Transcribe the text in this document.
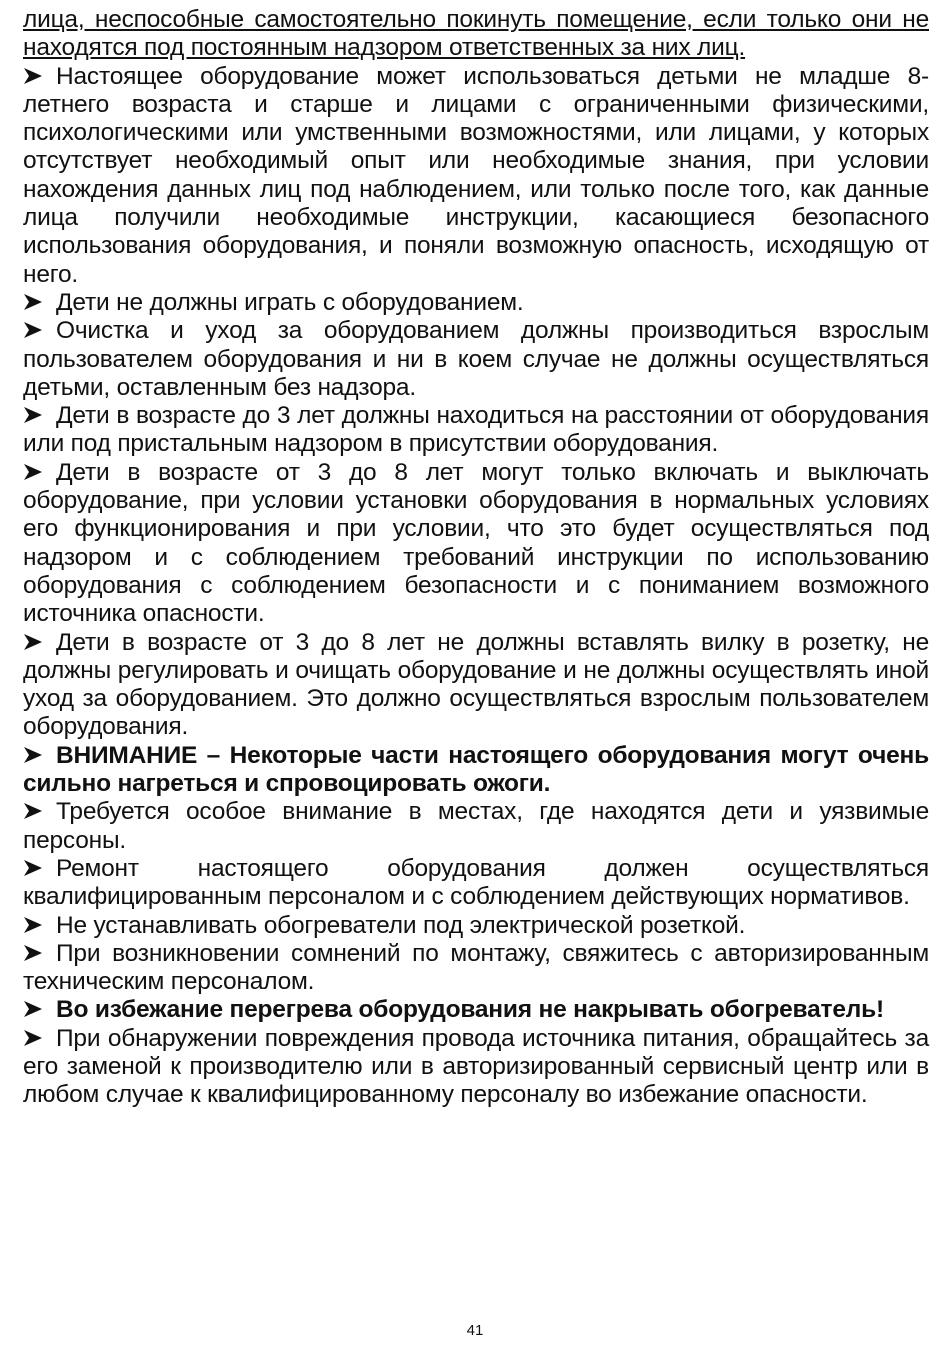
лица, неспособные самостоятельно покинуть помещение, если только они не находятся под постоянным надзором ответственных за них лиц.

Настоящее оборудование может использоваться детьми не младше 8-летнего возраста и старше и лицами с ограниченными физическими, психологическими или умственными возможностями, или лицами, у которых отсутствует необходимый опыт или необходимые знания, при условии нахождения данных лиц под наблюдением, или только после того, как данные лица получили необходимые инструкции, касающиеся безопасного использования оборудования, и поняли возможную опасность, исходящую от него.

Дети не должны играть с оборудованием.

Очистка и уход за оборудованием должны производиться взрослым пользователем оборудования и ни в коем случае не должны осуществляться детьми, оставленным без надзора.

Дети в возрасте до 3 лет должны находиться на расстоянии от оборудования или под пристальным надзором в присутствии оборудования.

Дети в возрасте от 3 до 8 лет могут только включать и выключать оборудование, при условии установки оборудования в нормальных условиях его функционирования и при условии, что это будет осуществляться под надзором и с соблюдением требований инструкции по использованию оборудования с соблюдением безопасности и с пониманием возможного источника опасности.

Дети в возрасте от 3 до 8 лет не должны вставлять вилку в розетку, не должны регулировать и очищать оборудование и не должны осуществлять иной уход за оборудованием. Это должно осуществляться взрослым пользователем оборудования.

ВНИМАНИЕ – Некоторые части настоящего оборудования могут очень сильно нагреться и спровоцировать ожоги.

Требуется особое внимание в местах, где находятся дети и уязвимые персоны.

Ремонт настоящего оборудования должен осуществляться квалифицированным персоналом и с соблюдением действующих нормативов.

Не устанавливать обогреватели под электрической розеткой.

При возникновении сомнений по монтажу, свяжитесь с авторизированным техническим персоналом.

Во избежание перегрева оборудования не накрывать обогреватель!

При обнаружении повреждения провода источника питания, обращайтесь за его заменой к производителю или в авторизированный сервисный центр или в любом случае к квалифицированному персоналу во избежание опасности.

41
